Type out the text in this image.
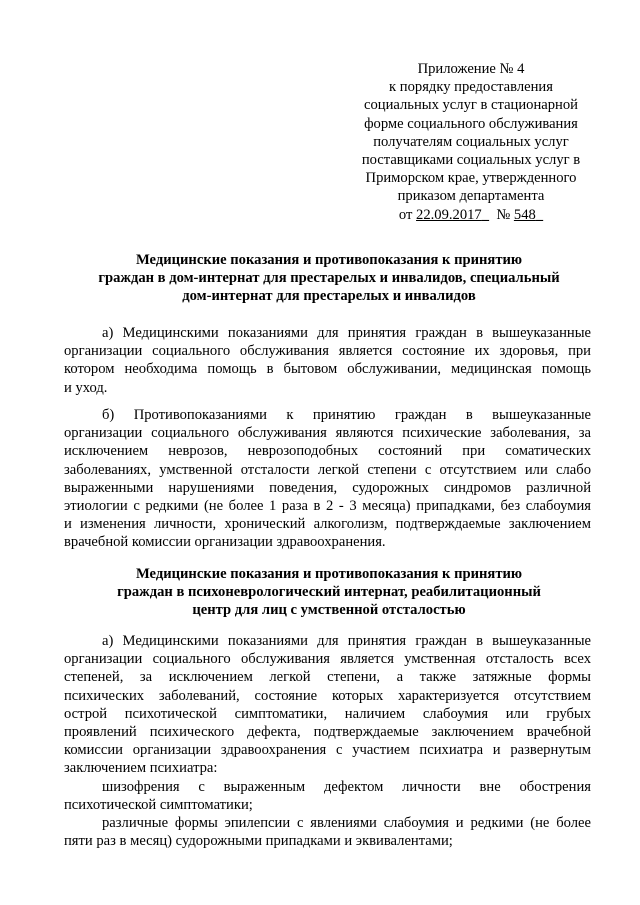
Приложение № 4
к порядку предоставления
социальных услуг в стационарной
форме социального обслуживания
получателям социальных услуг
поставщиками социальных услуг в
Приморском крае, утвержденного
приказом департамента
от 22.09.2017_  № 548_
Медицинские показания и противопоказания к принятию
граждан в дом-интернат для престарелых и инвалидов, специальный
дом-интернат для престарелых и инвалидов
а) Медицинскими показаниями для принятия граждан в вышеуказанные
организации социального обслуживания является состояние их здоровья, при
котором необходима помощь в бытовом обслуживании, медицинская помощь
и уход.
б) Противопоказаниями к принятию граждан в вышеуказанные
организации социального обслуживания являются психические заболевания, за
исключением неврозов, неврозоподобных состояний при соматических
заболеваниях, умственной отсталости легкой степени с отсутствием или слабо
выраженными нарушениями поведения, судорожных синдромов различной
этиологии с редкими (не более 1 раза в 2 - 3 месяца) припадками, без слабоумия
и изменения личности, хронический алкоголизм, подтверждаемые заключением
врачебной комиссии организации здравоохранения.
Медицинские показания и противопоказания к принятию
граждан в психоневрологический интернат, реабилитационный
центр для лиц с умственной отсталостью
а) Медицинскими показаниями для принятия граждан в вышеуказанные
организации социального обслуживания является умственная отсталость всех
степеней, за исключением легкой степени, а также затяжные формы
психических заболеваний, состояние которых характеризуется отсутствием
острой психотической симптоматики, наличием слабоумия или грубых
проявлений психического дефекта, подтверждаемые заключением врачебной
комиссии организации здравоохранения с участием психиатра и развернутым
заключением психиатра:
шизофрения с выраженным дефектом личности вне обострения
психотической симптоматики;
различные формы эпилепсии с явлениями слабоумия и редкими (не более
пяти раз в месяц) судорожными припадками и эквивалентами;
